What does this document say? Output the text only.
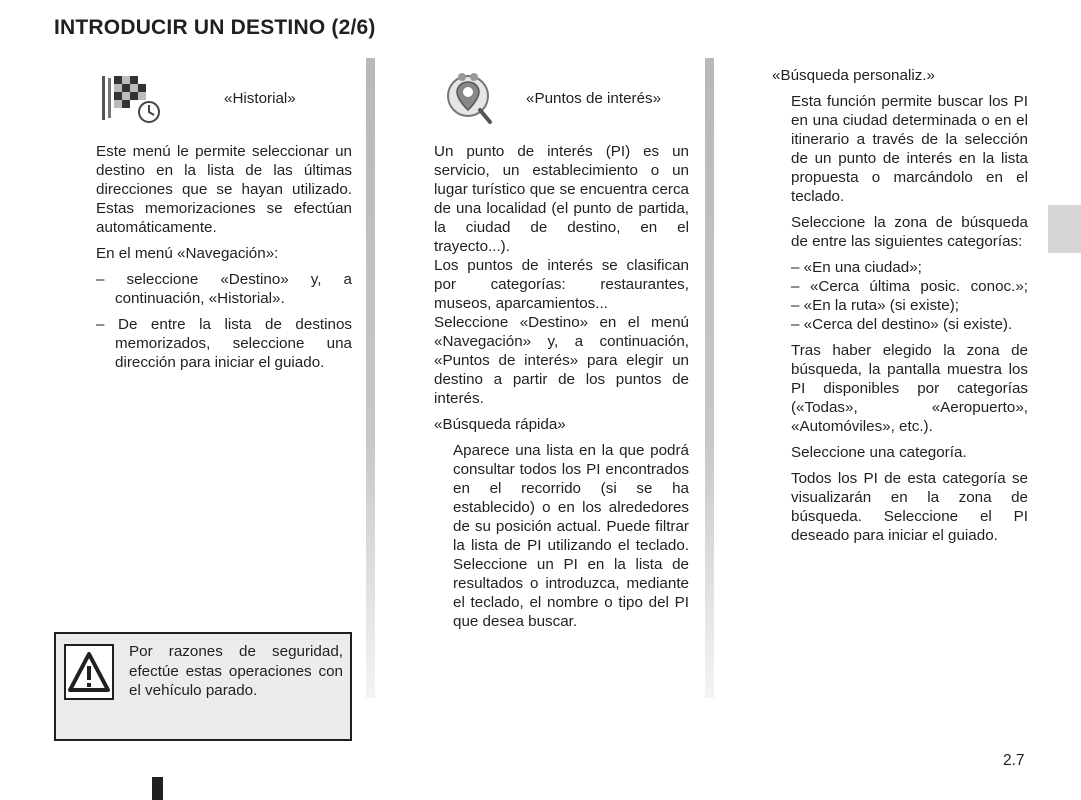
INTRODUCIR UN DESTINO (2/6)
«Historial»

Este menú le permite seleccionar un destino en la lista de las últimas direcciones que se hayan utilizado. Estas memorizaciones se efectúan automáticamente.

En el menú «Navegación»:

– seleccione «Destino» y, a continuación, «Historial».

– De entre la lista de destinos memorizados, seleccione una dirección para iniciar el guiado.

Por razones de seguridad, efectúe estas operaciones con el vehículo parado.
«Puntos de interés»

Un punto de interés (PI) es un servicio, un establecimiento o un lugar turístico que se encuentra cerca de una localidad (el punto de partida, la ciudad de destino, en el trayecto...).

Los puntos de interés se clasifican por categorías: restaurantes, museos, aparcamientos...

Seleccione «Destino» en el menú «Navegación» y, a continuación, «Puntos de interés» para elegir un destino a partir de los puntos de interés.

«Búsqueda rápida»

Aparece una lista en la que podrá consultar todos los PI encontrados en el recorrido (si se ha establecido) o en los alrededores de su posición actual. Puede filtrar la lista de PI utilizando el teclado. Seleccione un PI en la lista de resultados o introduzca, mediante el teclado, el nombre o tipo del PI que desea buscar.

«Búsqueda personaliz.»

Esta función permite buscar los PI en una ciudad determinada o en el itinerario a través de la selección de un punto de interés en la lista propuesta o marcándolo en el teclado.

Seleccione la zona de búsqueda de entre las siguientes categorías:

– «En una ciudad»;

– «Cerca última posic. conoc.»;

– «En la ruta» (si existe);

– «Cerca del destino» (si existe).

Tras haber elegido la zona de búsqueda, la pantalla muestra los PI disponibles por categorías («Todas», «Aeropuerto», «Automóviles», etc.).

Seleccione una categoría.

Todos los PI de esta categoría se visualizarán en la zona de búsqueda. Seleccione el PI deseado para iniciar el guiado.

2.7
